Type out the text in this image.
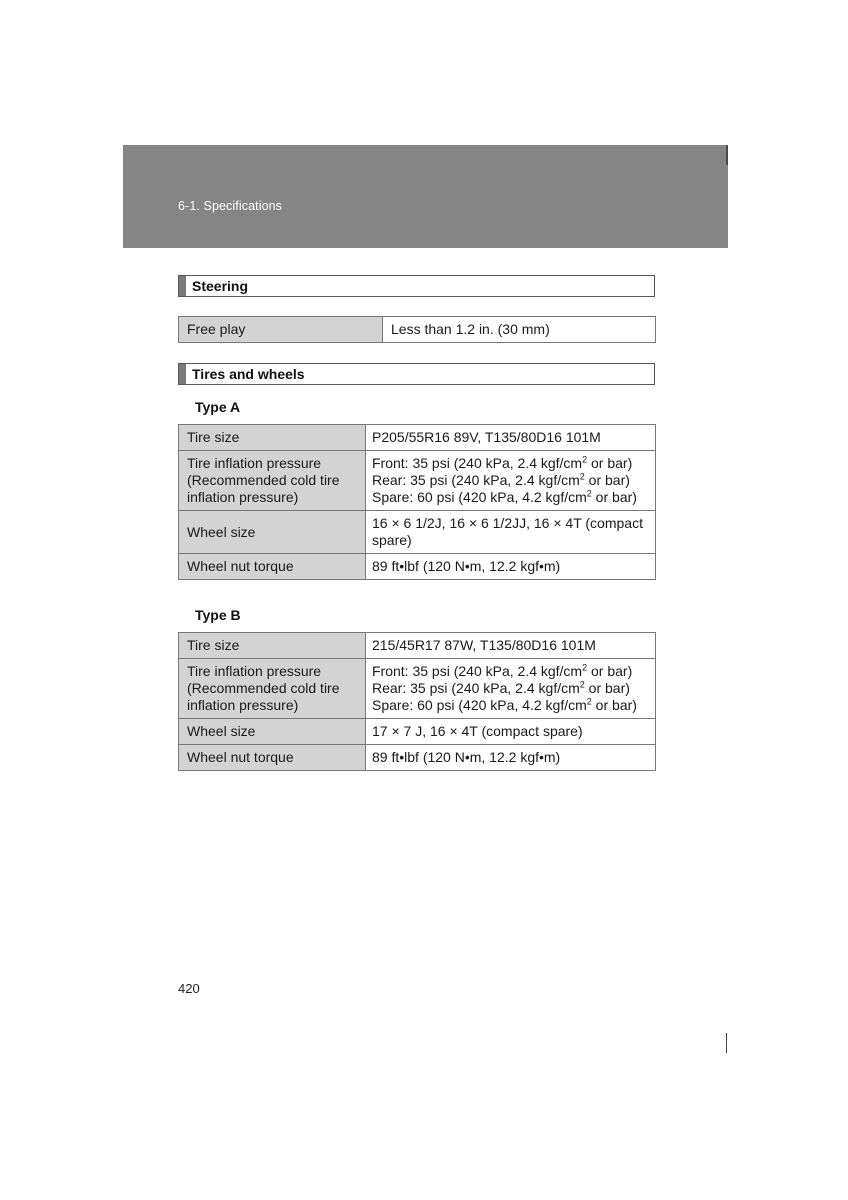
6-1. Specifications
Steering
Free play	Less than 1.2 in. (30 mm)
Tires and wheels
Type A
Tire size	P205/55R16 89V, T135/80D16 101M
Tire inflation pressure
(Recommended cold tire
inflation pressure)	Front: 35 psi (240 kPa, 2.4 kgf/$cm^2$ or bar)
Rear: 35 psi (240 kPa, 2.4 kgf/$cm^2$ or bar)
Spare: 60 psi (420 kPa, 4.2 kgf/$cm^2$ or bar)
Wheel size	16 × 6 1/2J, 16 × 6 1/2JJ, 16 × 4T (compact spare)
Wheel nut torque	89 ft•lbf (120 N•m, 12.2 kgf•m)
Type B
Tire size	215/45R17 87W, T135/80D16 101M
Tire inflation pressure
(Recommended cold tire
inflation pressure)	Front: 35 psi (240 kPa, 2.4 kgf/$cm^2$ or bar)
Rear: 35 psi (240 kPa, 2.4 kgf/$cm^2$ or bar)
Spare: 60 psi (420 kPa, 4.2 kgf/$cm^2$ or bar)
Wheel size	17 × 7 J, 16 × 4T (compact spare)
Wheel nut torque	89 ft•lbf (120 N•m, 12.2 kgf•m)
420
